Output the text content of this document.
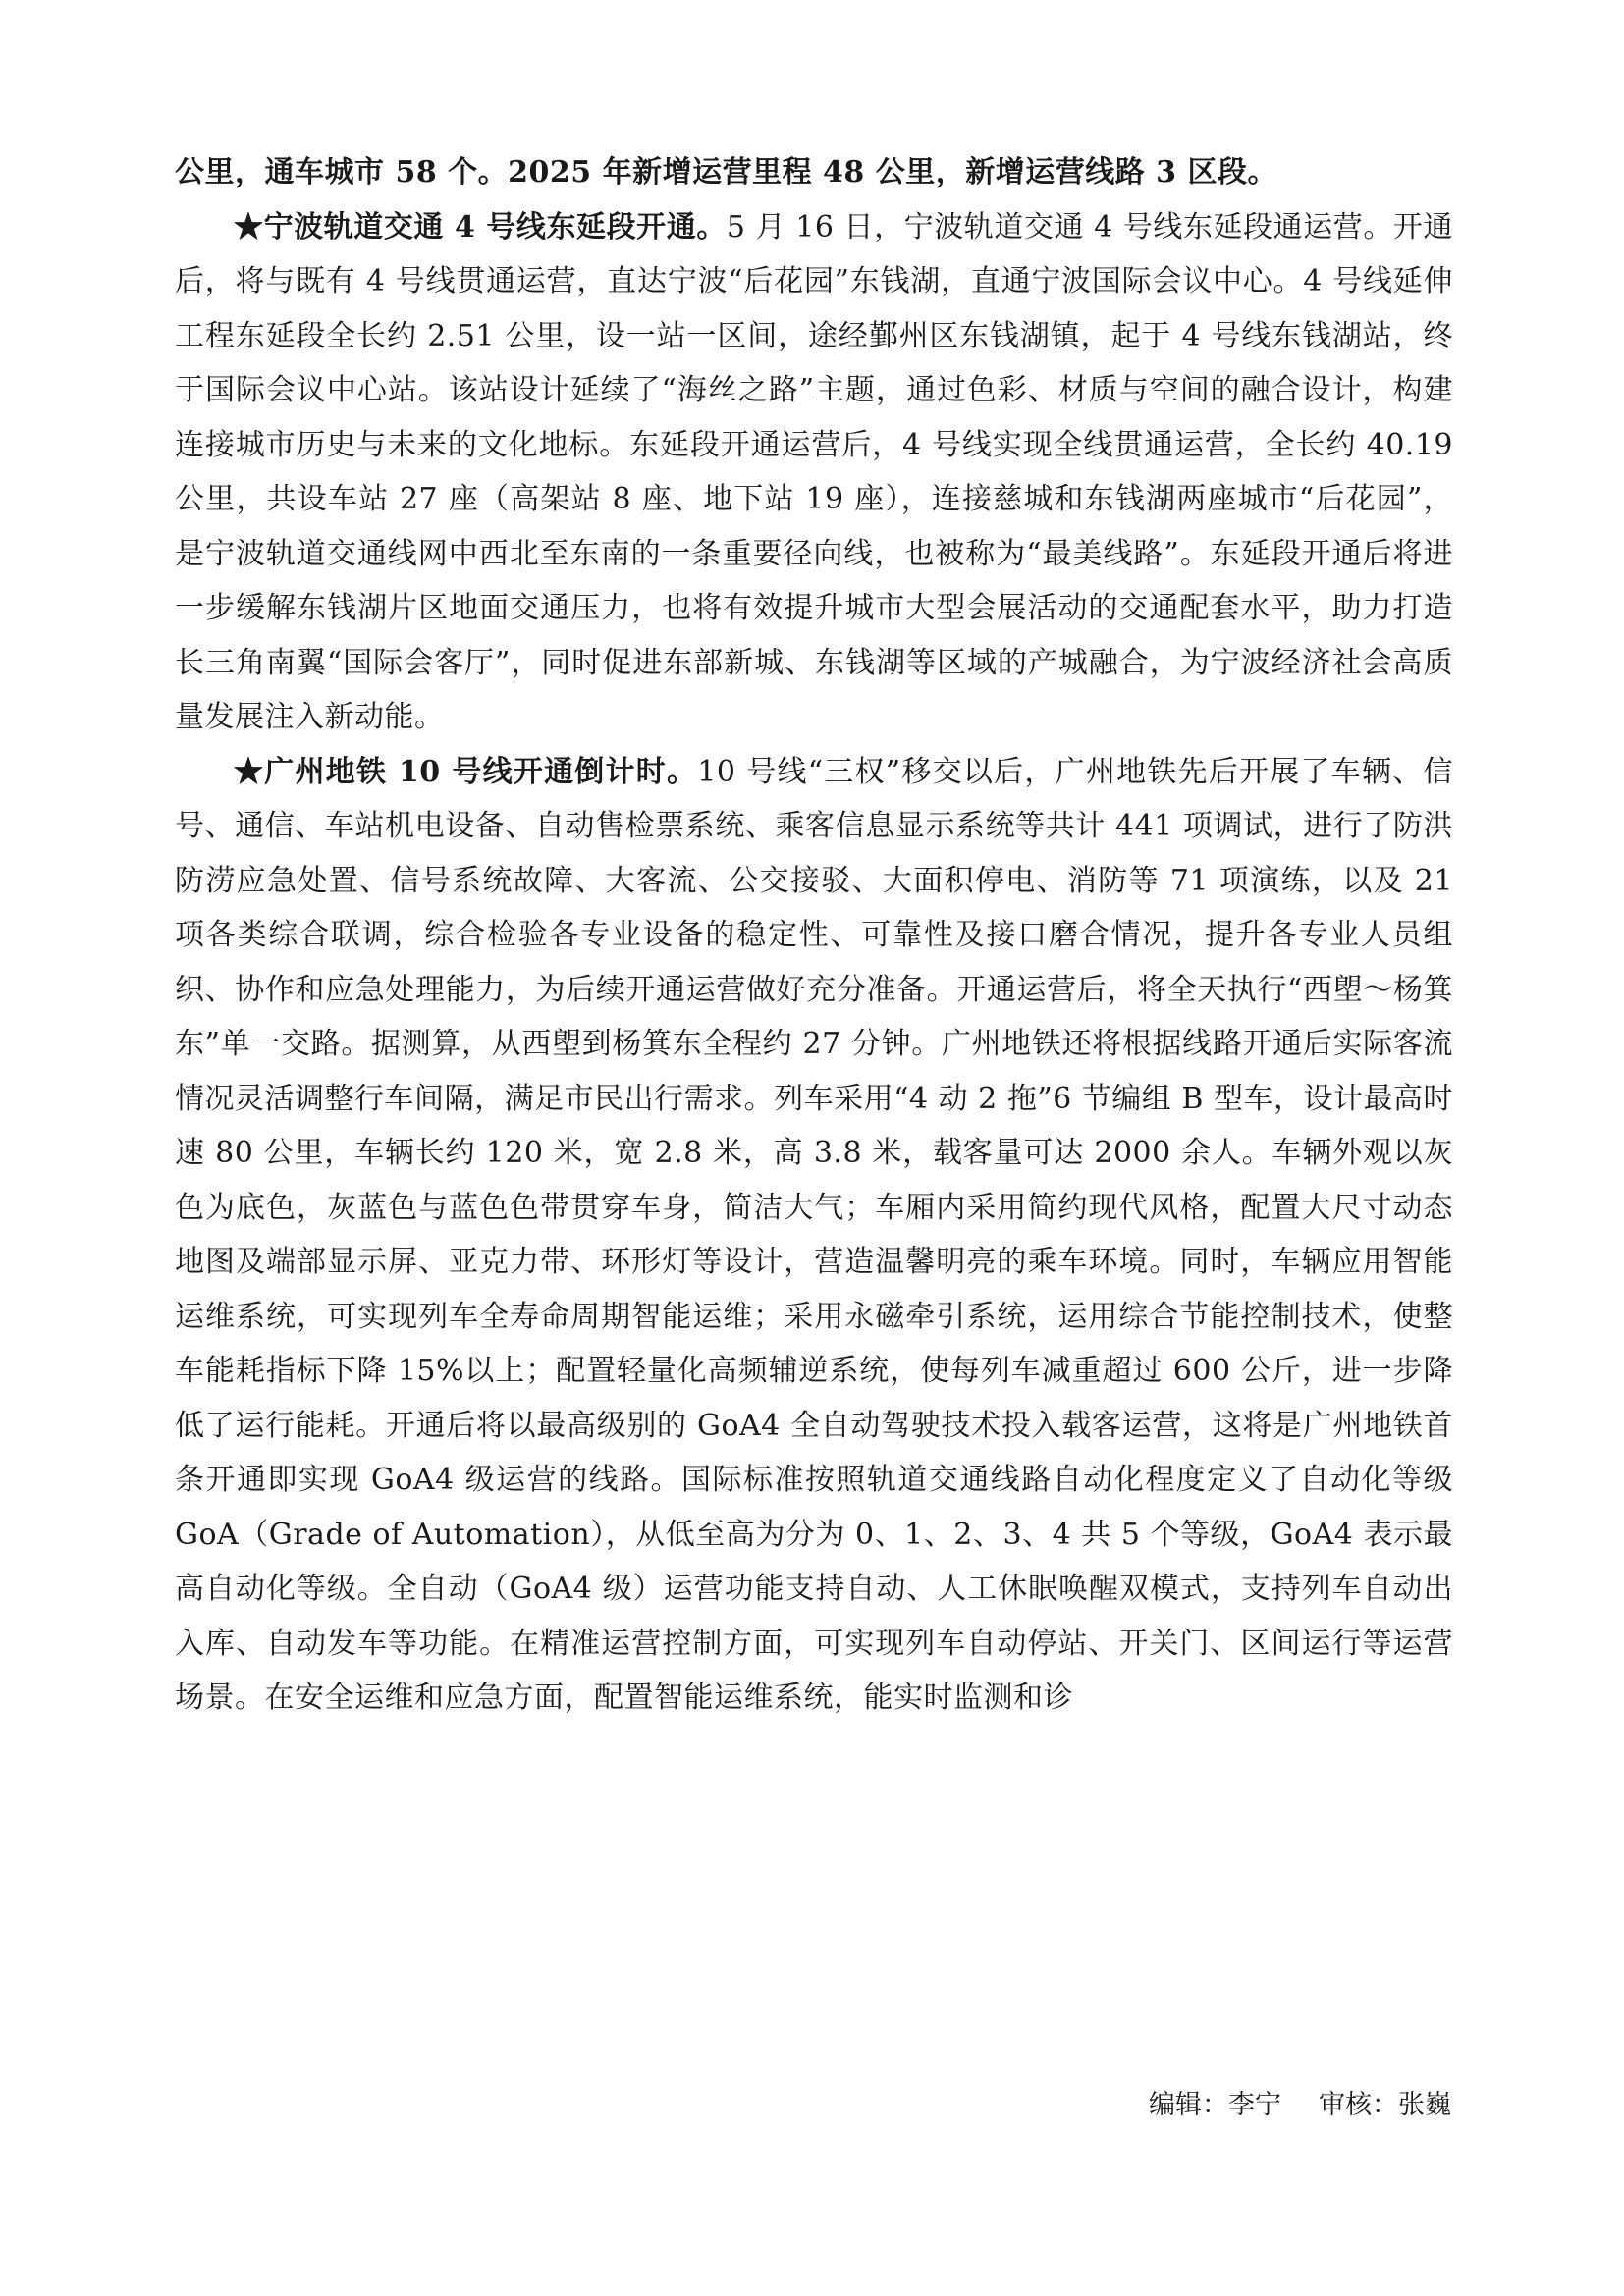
公里，通车城市 58 个。2025 年新增运营里程 48 公里，新增运营线路 3 区段。

★宁波轨道交通 4 号线东延段开通。5 月 16 日，宁波轨道交通 4 号线东延段通运营。开通后，将与既有 4 号线贯通运营，直达宁波“后花园”东钱湖，直通宁波国际会议中心。4 号线延伸工程东延段全长约 2.51 公里，设一站一区间，途经鄞州区东钱湖镇，起于 4 号线东钱湖站，终于国际会议中心站。该站设计延续了“海丝之路”主题，通过色彩、材质与空间的融合设计，构建连接城市历史与未来的文化地标。东延段开通运营后，4 号线实现全线贯通运营，全长约 40.19 公里，共设车站 27 座（高架站 8 座、地下站 19 座），连接慈城和东钱湖两座城市“后花园”，是宁波轨道交通线网中西北至东南的一条重要径向线，也被称为“最美线路”。东延段开通后将进一步缓解东钱湖片区地面交通压力，也将有效提升城市大型会展活动的交通配套水平，助力打造长三角南翼“国际会客厅”，同时促进东部新城、东钱湖等区域的产城融合，为宁波经济社会高质量发展注入新动能。

★广州地铁 10 号线开通倒计时。10 号线“三权”移交以后，广州地铁先后开展了车辆、信号、通信、车站机电设备、自动售检票系统、乘客信息显示系统等共计 441 项调试，进行了防洪防涝应急处置、信号系统故障、大客流、公交接驳、大面积停电、消防等 71 项演练，以及 21 项各类综合联调，综合检验各专业设备的稳定性、可靠性及接口磨合情况，提升各专业人员组织、协作和应急处理能力，为后续开通运营做好充分准备。开通运营后，将全天执行“西塱～杨箕东”单一交路。据测算，从西塱到杨箕东全程约 27 分钟。广州地铁还将根据线路开通后实际客流情况灵活调整行车间隔，满足市民出行需求。列车采用“4 动 2 拖”6 节编组 B 型车，设计最高时速 80 公里，车辆长约 120 米，宽 2.8 米，高 3.8 米，载客量可达 2000 余人。车辆外观以灰色为底色，灰蓝色与蓝色色带贯穿车身，简洁大气；车厢内采用简约现代风格，配置大尺寸动态地图及端部显示屏、亚克力带、环形灯等设计，营造温馨明亮的乘车环境。同时，车辆应用智能运维系统，可实现列车全寿命周期智能运维；采用永磁牵引系统，运用综合节能控制技术，使整车能耗指标下降 15%以上；配置轻量化高频辅逆系统，使每列车减重超过 600 公斤，进一步降低了运行能耗。开通后将以最高级别的 GoA4 全自动驾驶技术投入载客运营，这将是广州地铁首条开通即实现 GoA4 级运营的线路。国际标准按照轨道交通线路自动化程度定义了自动化等级 GoA（Grade of Automation），从低至高为分为 0、1、2、3、4 共 5 个等级，GoA4 表示最高自动化等级。全自动（GoA4 级）运营功能支持自动、人工休眠唤醒双模式，支持列车自动出入库、自动发车等功能。在精准运营控制方面，可实现列车自动停站、开关门、区间运行等运营场景。在安全运维和应急方面，配置智能运维系统，能实时监测和诊

编辑：李宁 审核：张巍
